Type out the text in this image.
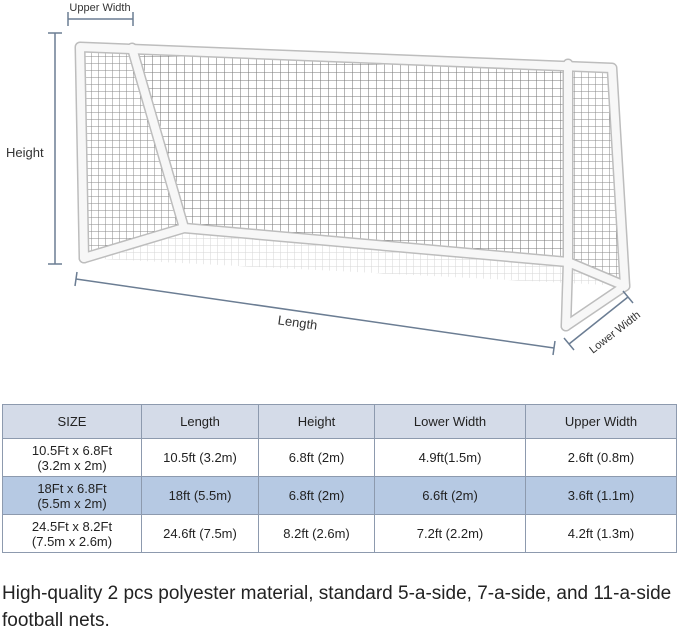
Upper Width
Height
Length	Lower Width
SIZE	Length	Height	Lower Width	Upper Width
10.5Ft x 6.8Ft
(3.2m x 2m)	10.5ft (3.2m)	6.8ft (2m)	4.9ft(1.5m)	2.6ft (0.8m)
18Ft x 6.8Ft
(5.5m x 2m)	18ft (5.5m)	6.8ft (2m)	6.6ft (2m)	3.6ft (1.1m)
24.5Ft x 8.2Ft
(7.5m x 2.6m)	24.6ft (7.5m)	8.2ft (2.6m)	7.2ft (2.2m)	4.2ft (1.3m)

High-quality 2 pcs polyester material, standard 5-a-side, 7-a-side, and 11-a-side football nets.
